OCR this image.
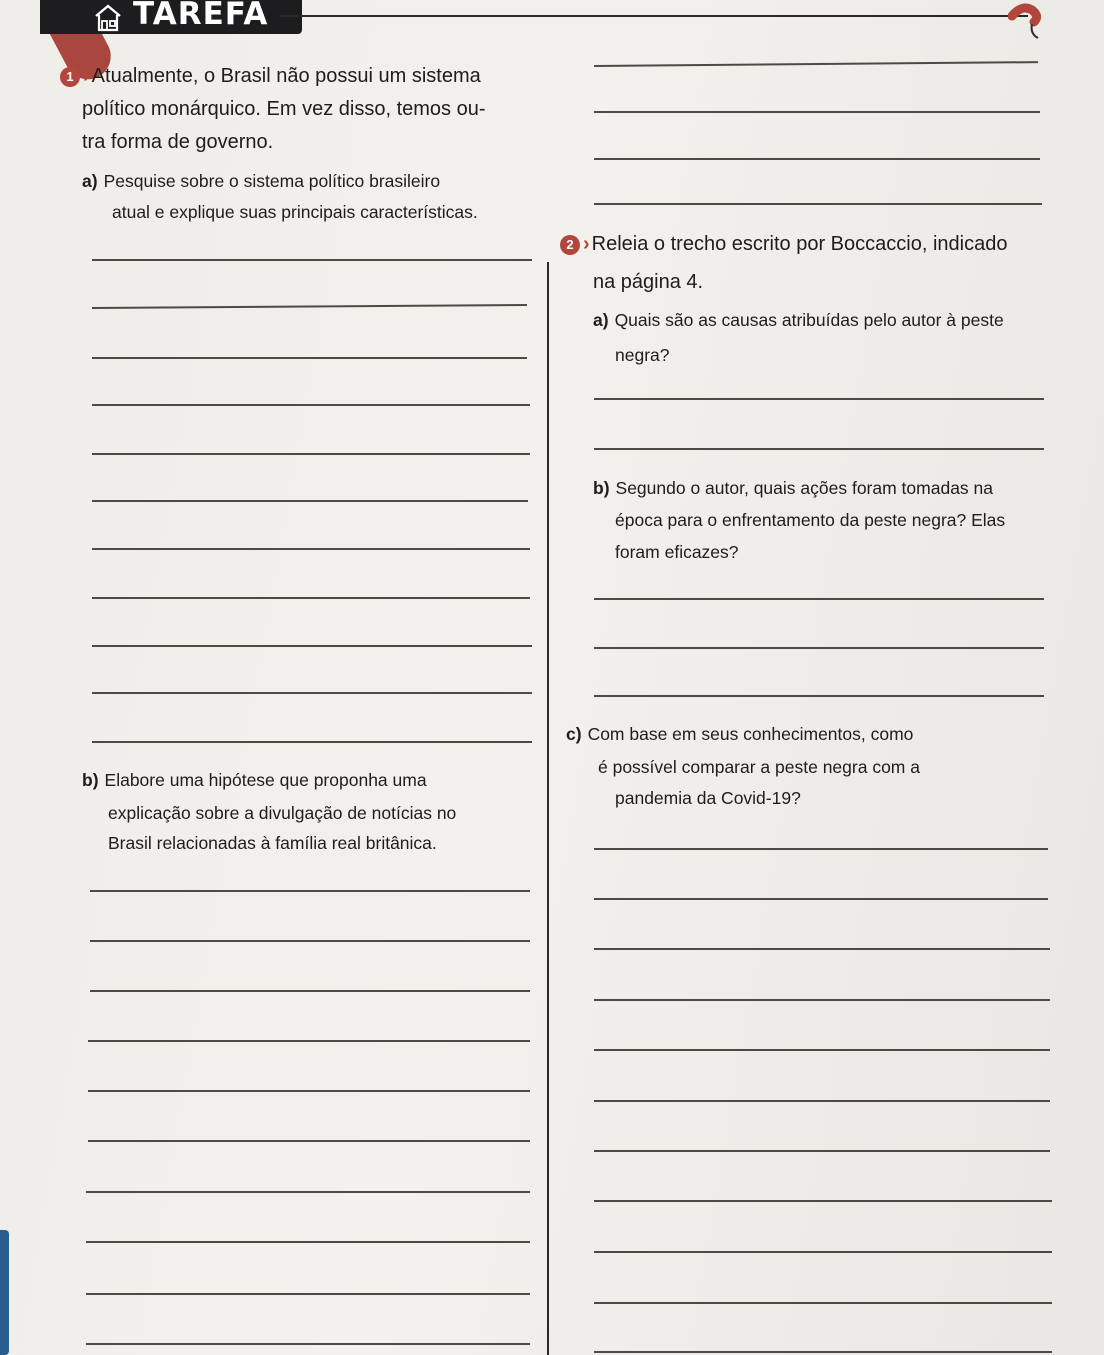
TAREFA
1 › Atualmente, o Brasil não possui um sistema
político monárquico. Em vez disso, temos ou-
tra forma de governo.
a) Pesquise sobre o sistema político brasileiro
atual e explique suas principais características.
b) Elabore uma hipótese que proponha uma
explicação sobre a divulgação de notícias no
Brasil relacionadas à família real britânica.
2 › Releia o trecho escrito por Boccaccio, indicado
na página 4.
a) Quais são as causas atribuídas pelo autor à peste
negra?
b) Segundo o autor, quais ações foram tomadas na
época para o enfrentamento da peste negra? Elas
foram eficazes?
c) Com base em seus conhecimentos, como
é possível comparar a peste negra com a
pandemia da Covid-19?
